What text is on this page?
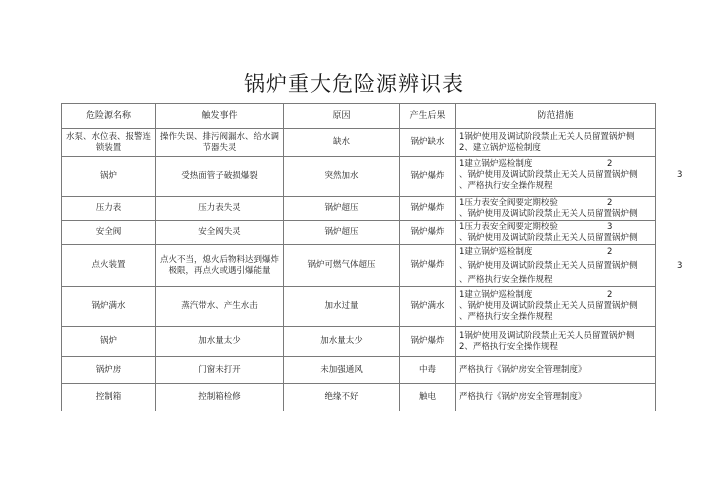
锅炉重大危险源辨识表
危险源名称	触发事件	原因	产生后果	防范措施
水泵、水位表、报警连锁装置	操作失误、排污阀漏水、给水调节器失灵	缺水	锅炉缺水	1锅炉使用及调试阶段禁止无关人员留置锅炉侧
2、建立锅炉巡检制度

锅炉	受热面管子破损爆裂	突然加水	锅炉爆炸	1建立锅炉巡检制度 2
、锅炉使用及调试阶段禁止无关人员留置锅炉侧 3
、严格执行安全操作规程

压力表	压力表失灵	锅炉超压	锅炉爆炸	1压力表安全阀要定期校验 2
、锅炉使用及调试阶段禁止无关人员留置锅炉侧

安全阀	安全阀失灵	锅炉超压	锅炉爆炸	1压力表安全阀要定期校验 3
、锅炉使用及调试阶段禁止无关人员留置锅炉侧

点火装置	点火不当，熄火后物料达到爆炸极限，再点火或遇引爆能量	锅炉可燃气体超压	锅炉爆炸	1建立锅炉巡检制度 2
、锅炉使用及调试阶段禁止无关人员留置锅炉侧 3
、严格执行安全操作规程

锅炉满水	蒸汽带水、产生水击	加水过量	锅炉满水	1建立锅炉巡检制度 2
、锅炉使用及调试阶段禁止无关人员留置锅炉侧
、严格执行安全操作规程

锅炉	加水量太少	加水量太少	锅炉爆炸	1锅炉使用及调试阶段禁止无关人员留置锅炉侧
2、严格执行安全操作规程

锅炉房	门窗未打开	未加强通风	中毒	严格执行《锅炉房安全管理制度》

控制箱	控制箱检修	绝缘不好	触电	严格执行《锅炉房安全管理制度》
